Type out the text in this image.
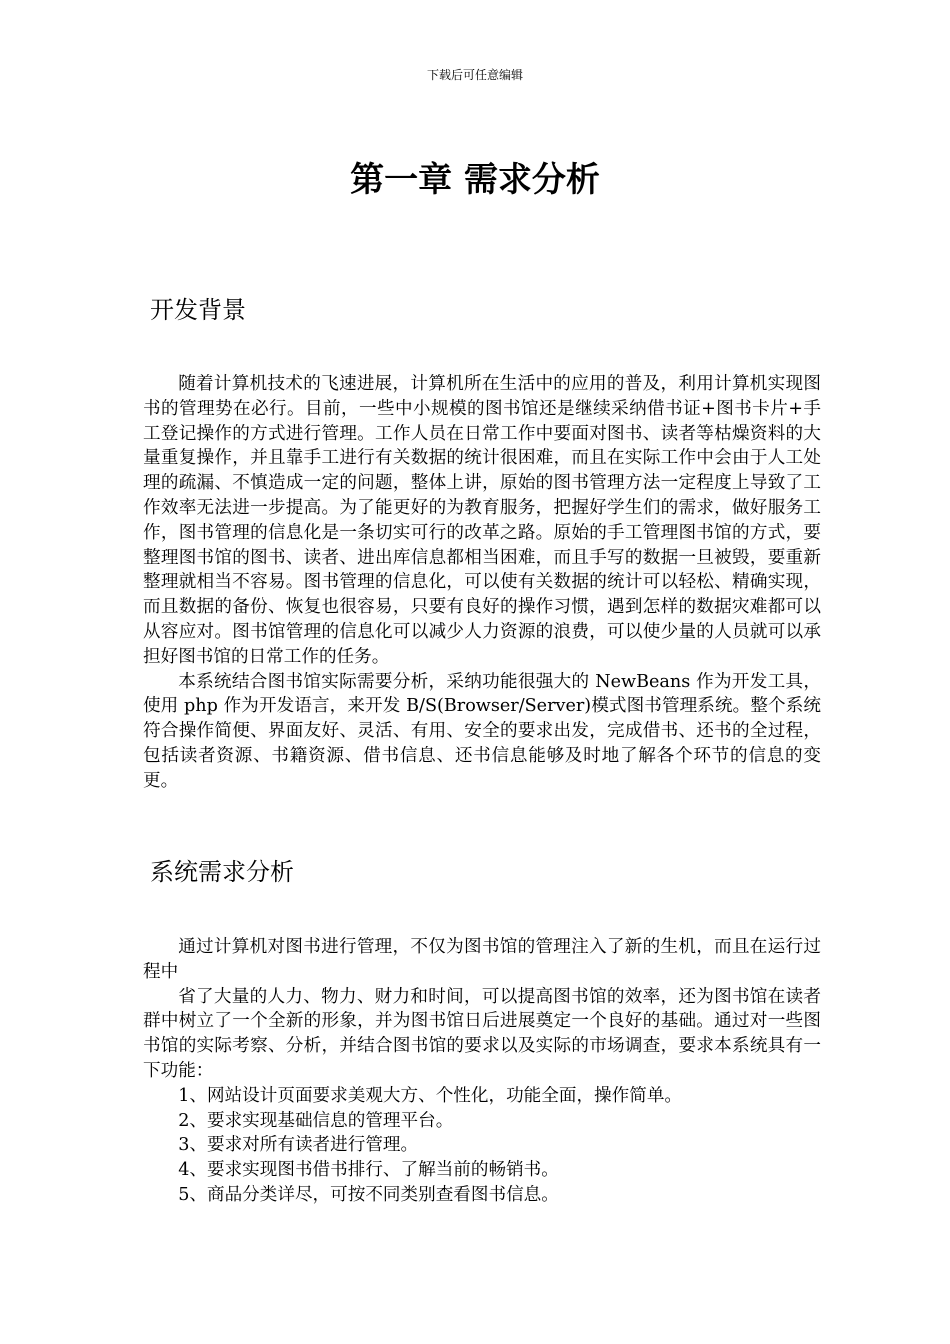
下载后可任意编辑
第一章 需求分析
开发背景

随着计算机技术的飞速进展，计算机所在生活中的应用的普及，利用计算机实现图书的管理势在必行。目前，一些中小规模的图书馆还是继续采纳借书证+图书卡片+手工登记操作的方式进行管理。工作人员在日常工作中要面对图书、读者等枯燥资料的大量重复操作，并且靠手工进行有关数据的统计很困难，而且在实际工作中会由于人工处理的疏漏、不慎造成一定的问题，整体上讲，原始的图书管理方法一定程度上导致了工作效率无法进一步提高。为了能更好的为教育服务，把握好学生们的需求，做好服务工作，图书管理的信息化是一条切实可行的改革之路。原始的手工管理图书馆的方式，要整理图书馆的图书、读者、进出库信息都相当困难，而且手写的数据一旦被毁，要重新整理就相当不容易。图书管理的信息化，可以使有关数据的统计可以轻松、精确实现，而且数据的备份、恢复也很容易，只要有良好的操作习惯，遇到怎样的数据灾难都可以从容应对。图书馆管理的信息化可以减少人力资源的浪费，可以使少量的人员就可以承担好图书馆的日常工作的任务。

本系统结合图书馆实际需要分析，采纳功能很强大的 NewBeans 作为开发工具，使用 php 作为开发语言，来开发 B/S(Browser/Server)模式图书管理系统。整个系统符合操作简便、界面友好、灵活、有用、安全的要求出发，完成借书、还书的全过程，包括读者资源、书籍资源、借书信息、还书信息能够及时地了解各个环节的信息的变更。

系统需求分析

通过计算机对图书进行管理，不仅为图书馆的管理注入了新的生机，而且在运行过程中

省了大量的人力、物力、财力和时间，可以提高图书馆的效率，还为图书馆在读者群中树立了一个全新的形象，并为图书馆日后进展奠定一个良好的基础。通过对一些图书馆的实际考察、分析，并结合图书馆的要求以及实际的市场调查，要求本系统具有一下功能：

1、网站设计页面要求美观大方、个性化，功能全面，操作简单。
2、要求实现基础信息的管理平台。
3、要求对所有读者进行管理。
4、要求实现图书借书排行、了解当前的畅销书。
5、商品分类详尽，可按不同类别查看图书信息。
